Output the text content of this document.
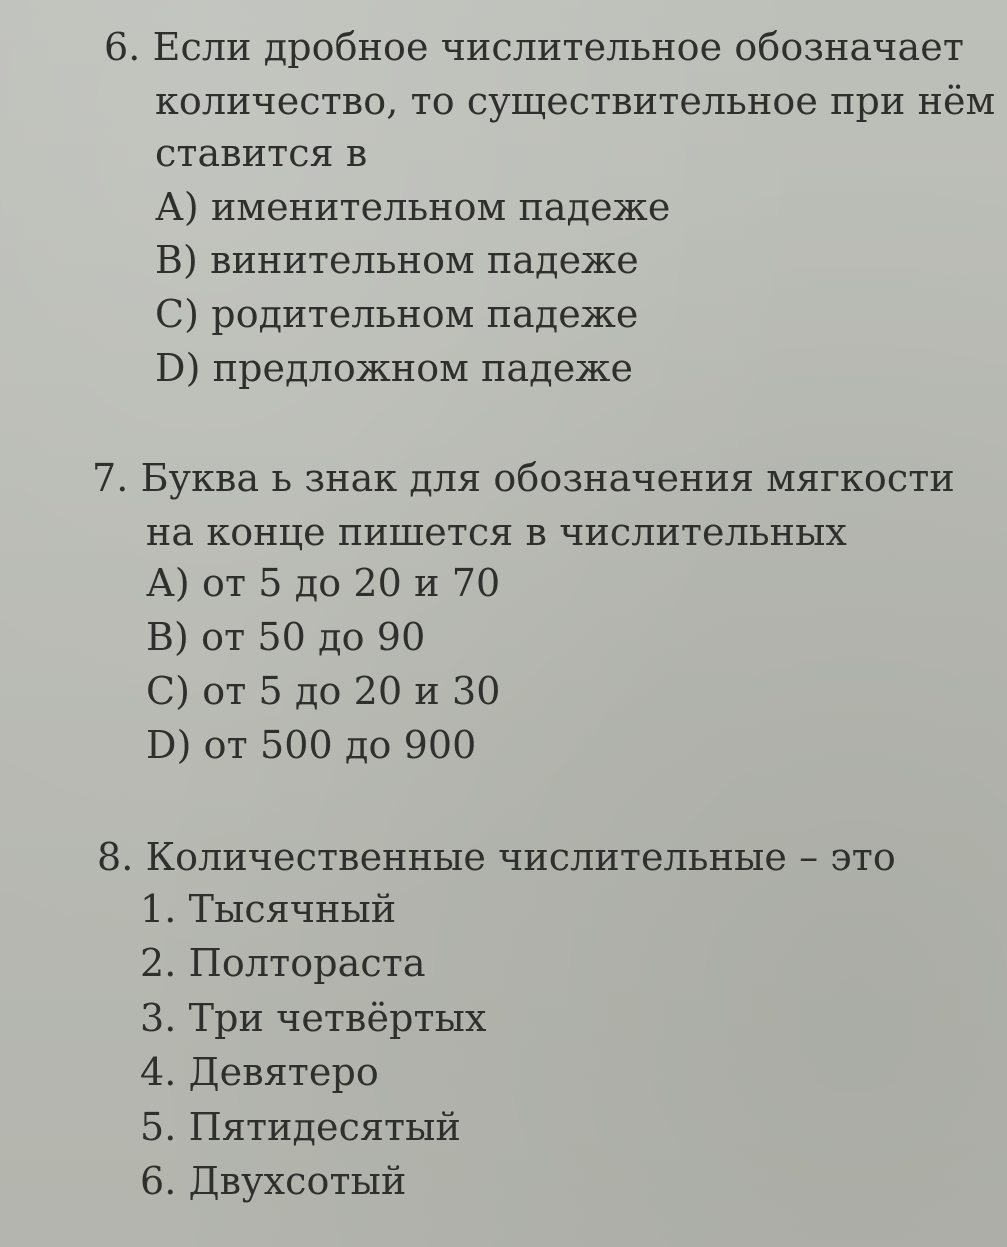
6. Если дробное числительное обозначает
количество, то существительное при нём
ставится в
А) именительном падеже
В) винительном падеже
С) родительном падеже
D) предложном падеже
7. Буква ь знак для обозначения мягкости
на конце пишется в числительных
А) от 5 до 20 и 70
В) от 50 до 90
С) от 5 до 20 и 30
D) от 500 до 900
8. Количественные числительные – это
1. Тысячный
2. Полтораста
3. Три четвёртых
4. Девятеро
5. Пятидесятый
6. Двухсотый
